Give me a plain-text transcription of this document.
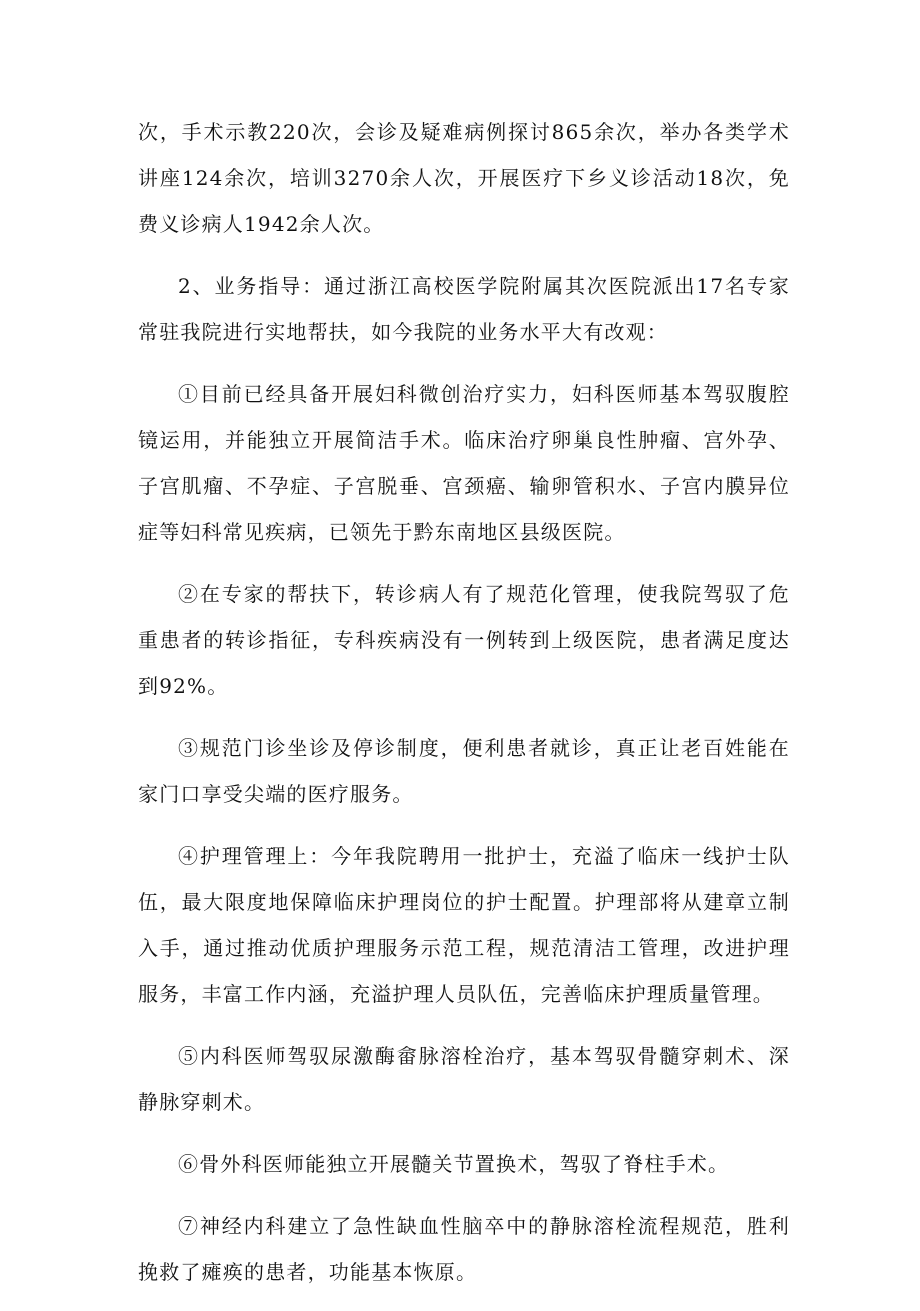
次，手术示教220次，会诊及疑难病例探讨865余次，举办各类学术讲座124余次，培训3270余人次，开展医疗下乡义诊活动18次，免费义诊病人1942余人次。

2、业务指导：通过浙江高校医学院附属其次医院派出17名专家常驻我院进行实地帮扶，如今我院的业务水平大有改观：

①目前已经具备开展妇科微创治疗实力，妇科医师基本驾驭腹腔镜运用，并能独立开展简洁手术。临床治疗卵巢良性肿瘤、宫外孕、子宫肌瘤、不孕症、子宫脱垂、宫颈癌、输卵管积水、子宫内膜异位症等妇科常见疾病，已领先于黔东南地区县级医院。

②在专家的帮扶下，转诊病人有了规范化管理，使我院驾驭了危重患者的转诊指征，专科疾病没有一例转到上级医院，患者满足度达到92%。

③规范门诊坐诊及停诊制度，便利患者就诊，真正让老百姓能在家门口享受尖端的医疗服务。

④护理管理上：今年我院聘用一批护士，充溢了临床一线护士队伍，最大限度地保障临床护理岗位的护士配置。护理部将从建章立制入手，通过推动优质护理服务示范工程，规范清洁工管理，改进护理服务，丰富工作内涵，充溢护理人员队伍，完善临床护理质量管理。

⑤内科医师驾驭尿激酶畲脉溶栓治疗，基本驾驭骨髓穿刺术、深静脉穿刺术。

⑥骨外科医师能独立开展髓关节置换术，驾驭了脊柱手术。

⑦神经内科建立了急性缺血性脑卒中的静脉溶栓流程规范，胜利挽救了瘫痪的患者，功能基本恢原。
